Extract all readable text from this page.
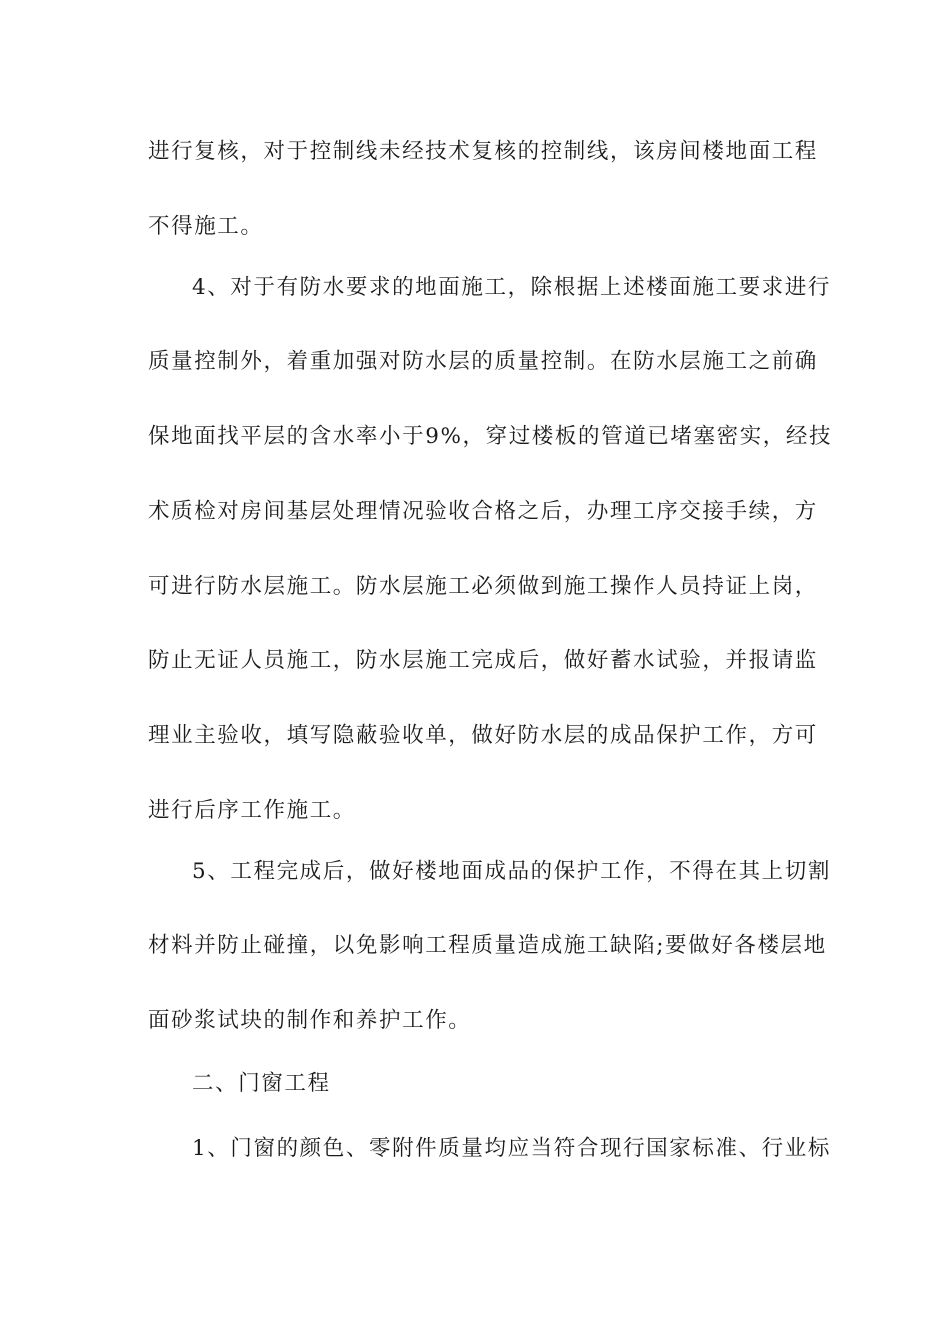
进行复核，对于控制线未经技术复核的控制线，该房间楼地面工程
不得施工。
4、对于有防水要求的地面施工，除根据上述楼面施工要求进行
质量控制外，着重加强对防水层的质量控制。在防水层施工之前确
保地面找平层的含水率小于9%，穿过楼板的管道已堵塞密实，经技
术质检对房间基层处理情况验收合格之后，办理工序交接手续，方
可进行防水层施工。防水层施工必须做到施工操作人员持证上岗，
防止无证人员施工，防水层施工完成后，做好蓄水试验，并报请监
理业主验收，填写隐蔽验收单，做好防水层的成品保护工作，方可
进行后序工作施工。
5、工程完成后，做好楼地面成品的保护工作，不得在其上切割
材料并防止碰撞，以免影响工程质量造成施工缺陷;要做好各楼层地
面砂浆试块的制作和养护工作。
二、门窗工程
1、门窗的颜色、零附件质量均应当符合现行国家标准、行业标
